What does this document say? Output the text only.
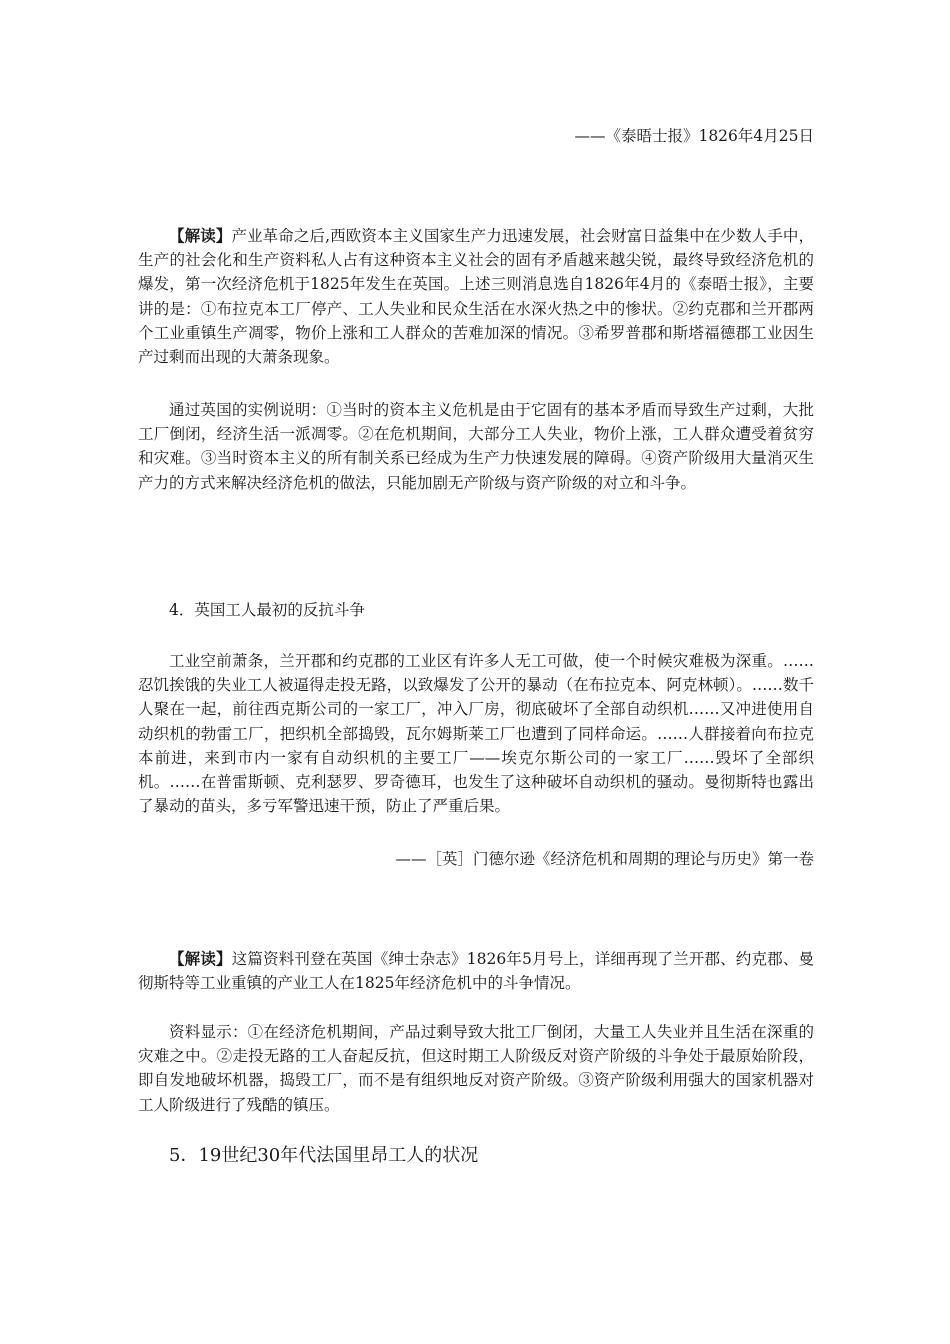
——《泰晤士报》1826年4月25日

【解读】产业革命之后,西欧资本主义国家生产力迅速发展，社会财富日益集中在少数人手中，生产的社会化和生产资料私人占有这种资本主义社会的固有矛盾越来越尖锐，最终导致经济危机的爆发，第一次经济危机于1825年发生在英国。上述三则消息选自1826年4月的《泰晤士报》，主要讲的是：①布拉克本工厂停产、工人失业和民众生活在水深火热之中的惨状。②约克郡和兰开郡两个工业重镇生产凋零，物价上涨和工人群众的苦难加深的情况。③希罗普郡和斯塔福德郡工业因生产过剩而出现的大萧条现象。

通过英国的实例说明：①当时的资本主义危机是由于它固有的基本矛盾而导致生产过剩，大批工厂倒闭，经济生活一派凋零。②在危机期间，大部分工人失业，物价上涨，工人群众遭受着贫穷和灾难。③当时资本主义的所有制关系已经成为生产力快速发展的障碍。④资产阶级用大量消灭生产力的方式来解决经济危机的做法，只能加剧无产阶级与资产阶级的对立和斗争。

4．英国工人最初的反抗斗争

工业空前萧条，兰开郡和约克郡的工业区有许多人无工可做，使一个时候灾难极为深重。……忍饥挨饿的失业工人被逼得走投无路，以致爆发了公开的暴动（在布拉克本、阿克林顿）。……数千人聚在一起，前往西克斯公司的一家工厂，冲入厂房，彻底破坏了全部自动织机……又冲进使用自动织机的勃雷工厂，把织机全部捣毁，瓦尔姆斯莱工厂也遭到了同样命运。……人群接着向布拉克本前进，来到市内一家有自动织机的主要工厂——埃克尔斯公司的一家工厂……毁坏了全部织机。……在普雷斯顿、克利瑟罗、罗奇德耳，也发生了这种破坏自动织机的骚动。曼彻斯特也露出了暴动的苗头，多亏军警迅速干预，防止了严重后果。

——［英］门德尔逊《经济危机和周期的理论与历史》第一卷

【解读】这篇资料刊登在英国《绅士杂志》1826年5月号上，详细再现了兰开郡、约克郡、曼彻斯特等工业重镇的产业工人在1825年经济危机中的斗争情况。

资料显示：①在经济危机期间，产品过剩导致大批工厂倒闭，大量工人失业并且生活在深重的灾难之中。②走投无路的工人奋起反抗，但这时期工人阶级反对资产阶级的斗争处于最原始阶段，即自发地破坏机器，捣毁工厂，而不是有组织地反对资产阶级。③资产阶级利用强大的国家机器对工人阶级进行了残酷的镇压。

5．19世纪30年代法国里昂工人的状况
